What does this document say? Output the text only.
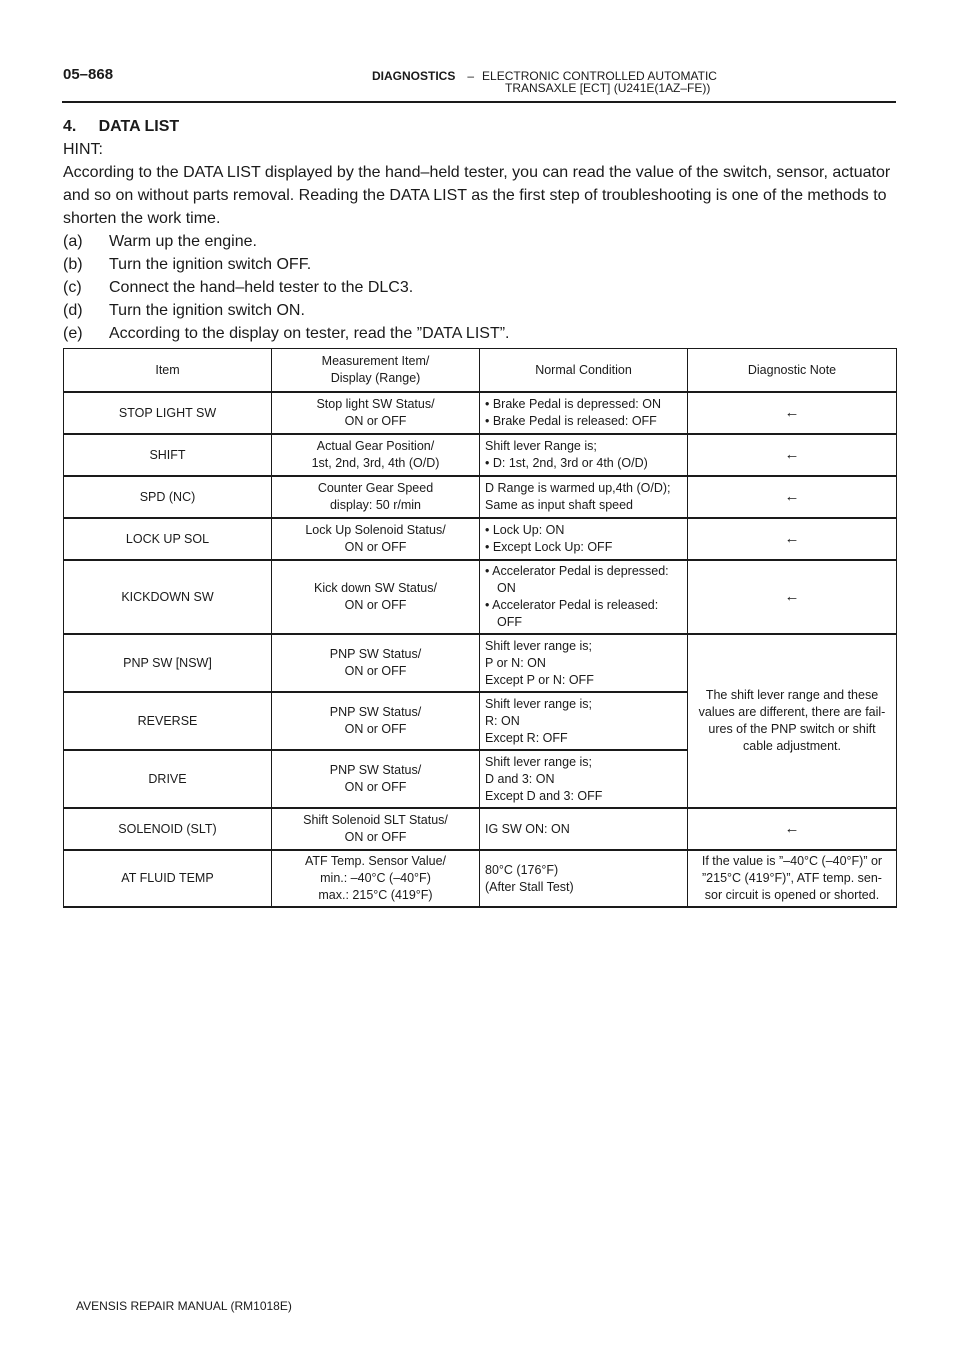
05–868	DIAGNOSTICS – ELECTRONIC CONTROLLED AUTOMATIC
TRANSAXLE [ECT] (U241E(1AZ–FE))

4.     DATA LIST

HINT:

According to the DATA LIST displayed by the hand–held tester, you can read the value of the switch, sensor, actuator and so on without parts removal. Reading the DATA LIST as the first step of troubleshooting is one of the methods to shorten the work time.

(a)	Warm up the engine.
(b)	Turn the ignition switch OFF.
(c)	Connect the hand–held tester to the DLC3.
(d)	Turn the ignition switch ON.
(e)	According to the display on tester, read the ”DATA LIST”.
Item	Measurement Item/
Display (Range)	Normal Condition	Diagnostic Note
STOP LIGHT SW	Stop light SW Status/
ON or OFF	• Brake Pedal is depressed: ON
• Brake Pedal is released: OFF	←
SHIFT	Actual Gear Position/
1st, 2nd, 3rd, 4th (O/D)	Shift lever Range is;
• D: 1st, 2nd, 3rd or 4th (O/D)	←
SPD (NC)	Counter Gear Speed
display: 50 r/min	D Range is warmed up,4th (O/D);
Same as input shaft speed	←
LOCK UP SOL	Lock Up Solenoid Status/
ON or OFF	• Lock Up: ON
• Except Lock Up: OFF	←
KICKDOWN SW	Kick down SW Status/
ON or OFF	• Accelerator Pedal is depressed:
ON
• Accelerator Pedal is released:
OFF	←
PNP SW [NSW]	PNP SW Status/
ON or OFF	Shift lever range is;
P or N: ON
Except P or N: OFF	The shift lever range and these
values are different, there are fail-
ures of the PNP switch or shift
cable adjustment.
REVERSE	PNP SW Status/
ON or OFF	Shift lever range is;
R: ON
Except R: OFF	
DRIVE	PNP SW Status/
ON or OFF	Shift lever range is;
D and 3: ON
Except D and 3: OFF	
SOLENOID (SLT)	Shift Solenoid SLT Status/
ON or OFF	IG SW ON: ON	←
AT FLUID TEMP	ATF Temp. Sensor Value/
min.: –40°C (–40°F)
max.: 215°C (419°F)	80°C (176°F)
(After Stall Test)	If the value is ”–40°C (–40°F)” or
”215°C (419°F)”, ATF temp. sen-
sor circuit is opened or shorted.
AVENSIS REPAIR MANUAL (RM1018E)
